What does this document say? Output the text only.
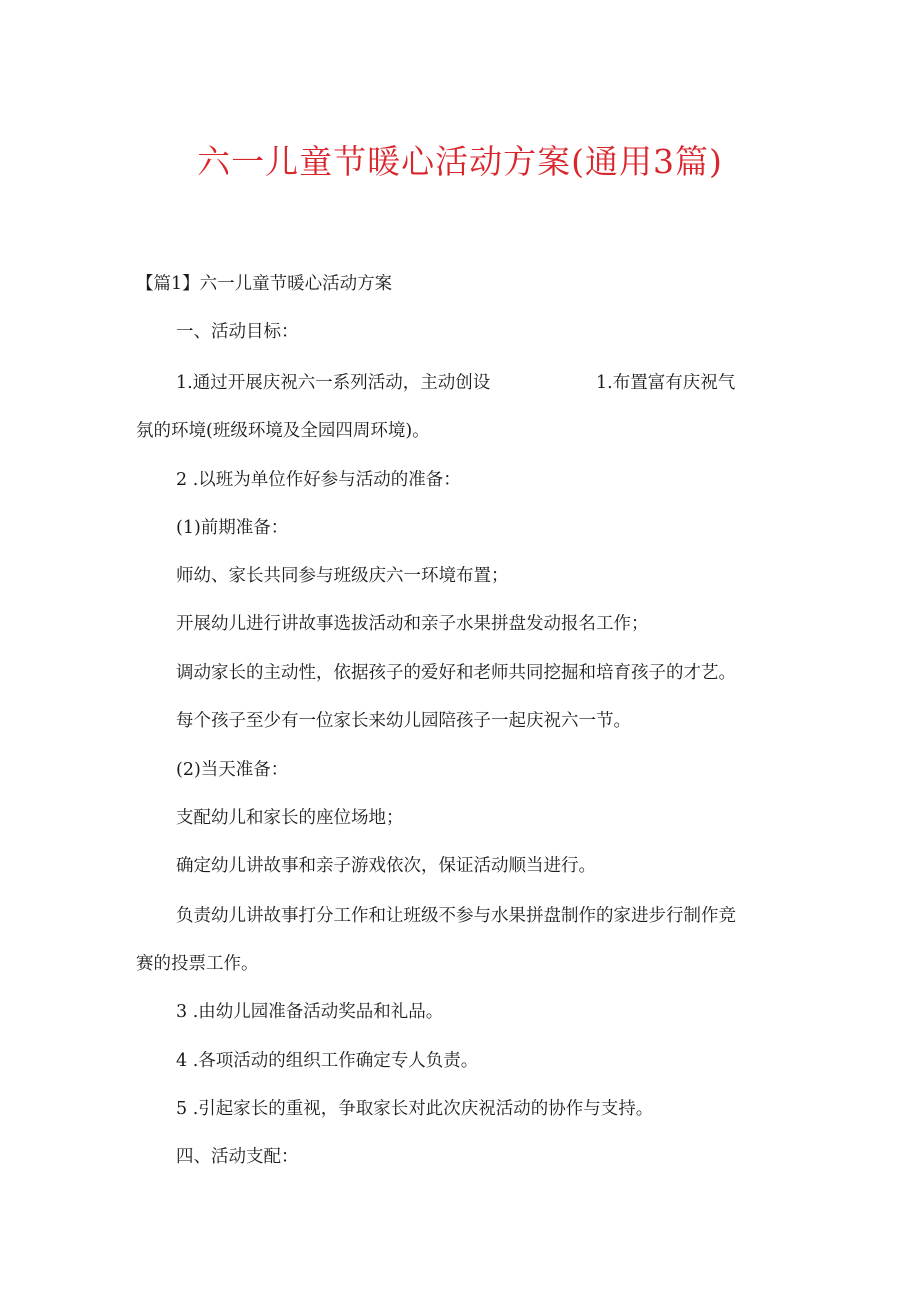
六一儿童节暖心活动方案(通用3篇)
【篇1】六一儿童节暖心活动方案
一、活动目标：
1.通过开展庆祝六一系列活动，主动创设	1.布置富有庆祝气
氛的环境(班级环境及全园四周环境)。
2 .以班为单位作好参与活动的准备：
(1)前期准备：
师幼、家长共同参与班级庆六一环境布置；
开展幼儿进行讲故事选拔活动和亲子水果拼盘发动报名工作；
调动家长的主动性，依据孩子的爱好和老师共同挖掘和培育孩子的才艺。
每个孩子至少有一位家长来幼儿园陪孩子一起庆祝六一节。
(2)当天准备：
支配幼儿和家长的座位场地；
确定幼儿讲故事和亲子游戏依次，保证活动顺当进行。
负责幼儿讲故事打分工作和让班级不参与水果拼盘制作的家进步行制作竞
赛的投票工作。
3 .由幼儿园准备活动奖品和礼品。
4 .各项活动的组织工作确定专人负责。
5 .引起家长的重视，争取家长对此次庆祝活动的协作与支持。
四、活动支配：
